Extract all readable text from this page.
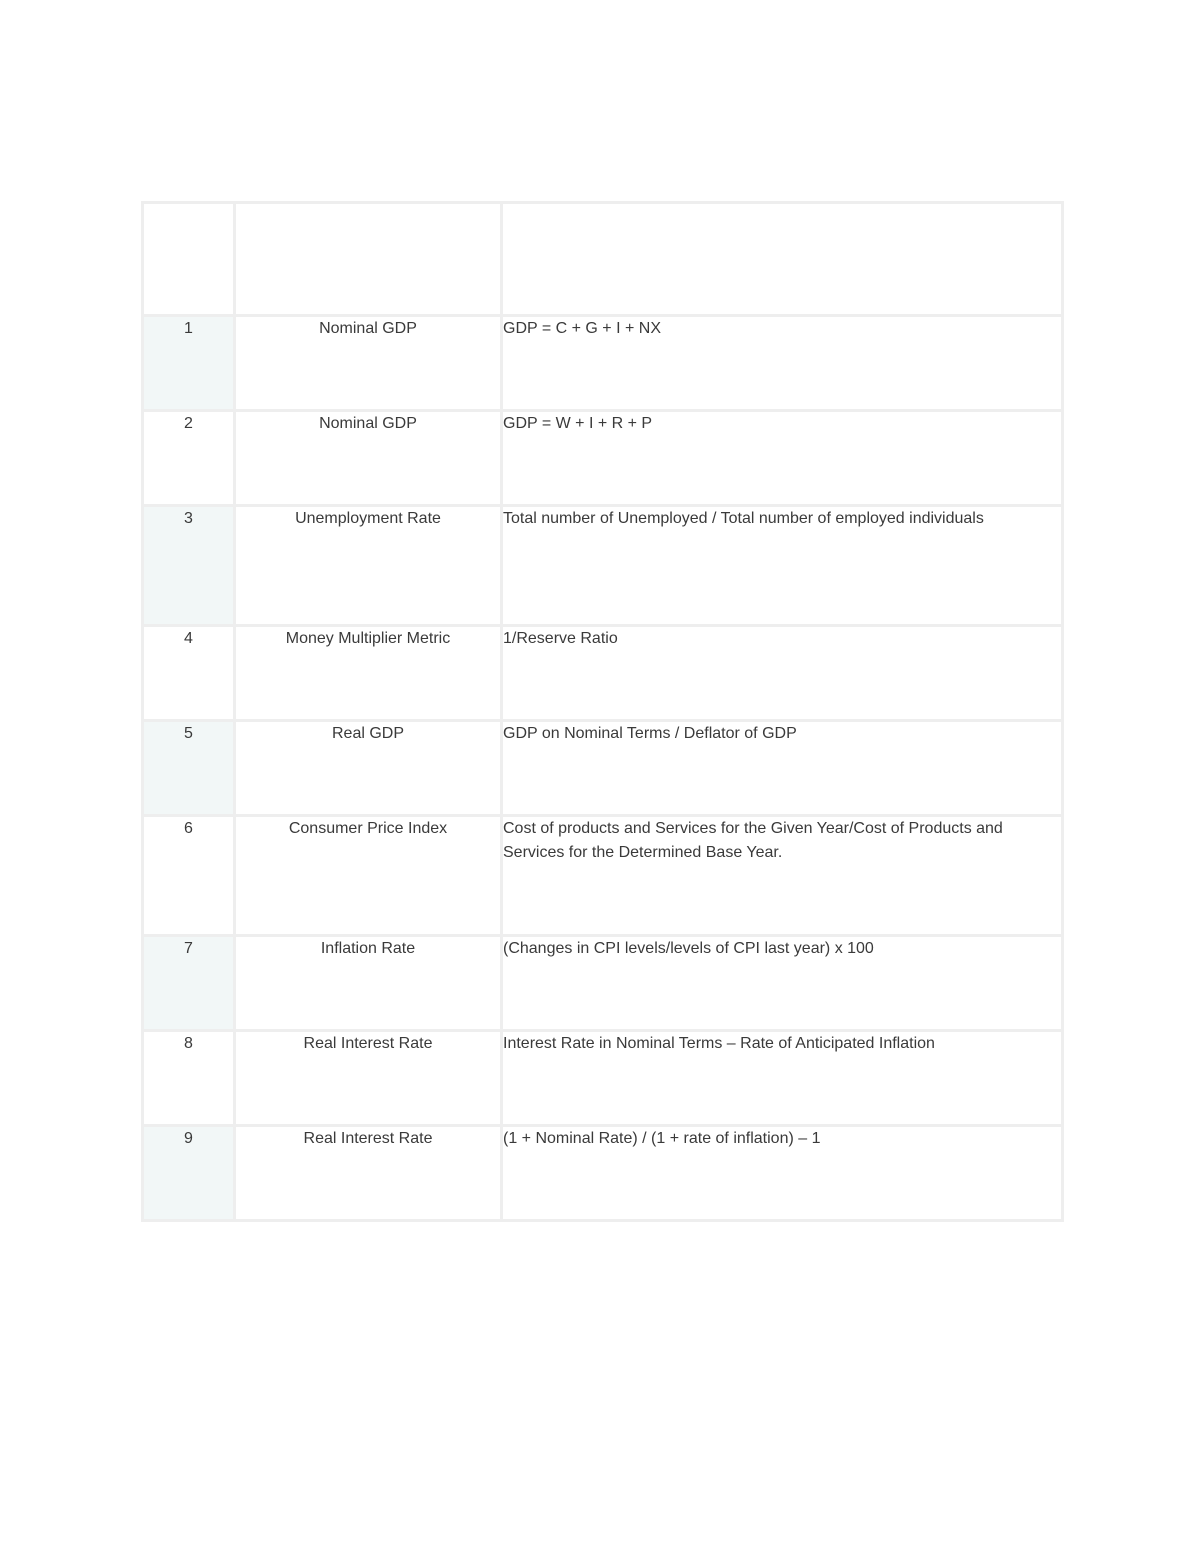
1	Nominal GDP	GDP = C + G + I + NX
2	Nominal GDP	GDP = W + I + R + P
3	Unemployment Rate	Total number of Unemployed / Total number of employed individuals
4	Money Multiplier Metric	1/Reserve Ratio
5	Real GDP	GDP on Nominal Terms / Deflator of GDP
6	Consumer Price Index	Cost of products and Services for the Given Year/Cost of Products and Services for the Determined Base Year.
7	Inflation Rate	(Changes in CPI levels/levels of CPI last year) x 100
8	Real Interest Rate	Interest Rate in Nominal Terms – Rate of Anticipated Inflation
9	Real Interest Rate	(1 + Nominal Rate) / (1 + rate of inflation) – 1
